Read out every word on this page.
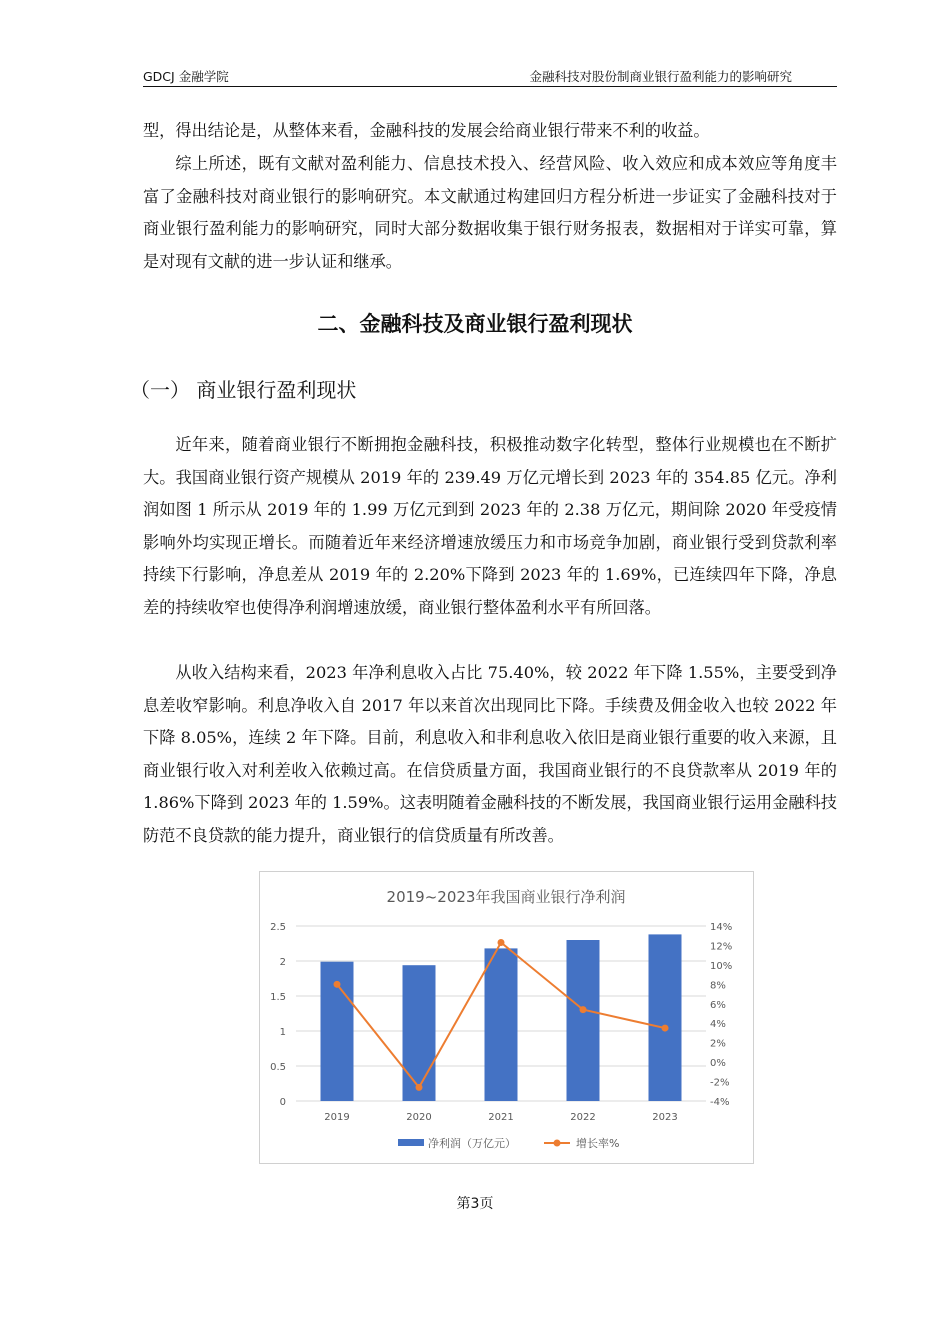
GDCJ 金融学院	金融科技对股份制商业银行盈利能力的影响研究

型，得出结论是，从整体来看，金融科技的发展会给商业银行带来不利的收益。

综上所述，既有文献对盈利能力、信息技术投入、经营风险、收入效应和成本效应等角度丰富了金融科技对商业银行的影响研究。本文献通过构建回归方程分析进一步证实了金融科技对于商业银行盈利能力的影响研究，同时大部分数据收集于银行财务报表，数据相对于详实可靠，算是对现有文献的进一步认证和继承。

二、金融科技及商业银行盈利现状
（一） 商业银行盈利现状

近年来，随着商业银行不断拥抱金融科技，积极推动数字化转型，整体行业规模也在不断扩大。我国商业银行资产规模从 2019 年的 239.49 万亿元增长到 2023 年的 354.85 亿元。净利润如图 1 所示从 2019 年的 1.99 万亿元到到 2023 年的 2.38 万亿元，期间除 2020 年受疫情影响外均实现正增长。而随着近年来经济增速放缓压力和市场竞争加剧，商业银行受到贷款利率持续下行影响，净息差从 2019 年的 2.20%下降到 2023 年的 1.69%，已连续四年下降，净息差的持续收窄也使得净利润增速放缓，商业银行整体盈利水平有所回落。

从收入结构来看，2023 年净利息收入占比 75.40%，较 2022 年下降 1.55%，主要受到净息差收窄影响。利息净收入自 2017 年以来首次出现同比下降。手续费及佣金收入也较 2022 年下降 8.05%，连续 2 年下降。目前，利息收入和非利息收入依旧是商业银行重要的收入来源，且商业银行收入对利差收入依赖过高。在信贷质量方面，我国商业银行的不良贷款率从 2019 年的 1.86%下降到 2023 年的 1.59%。这表明随着金融科技的不断发展，我国商业银行运用金融科技防范不良贷款的能力提升，商业银行的信贷质量有所改善。

2019~2023年我国商业银行净利润
0
0.5
1
1.5
2
2.5
-4%
-2%
0%
2%
4%
6%
8%
10%
12%
14%
2019	2020	2021	2022	2023
净利润（万亿元）	增长率%
第3页
